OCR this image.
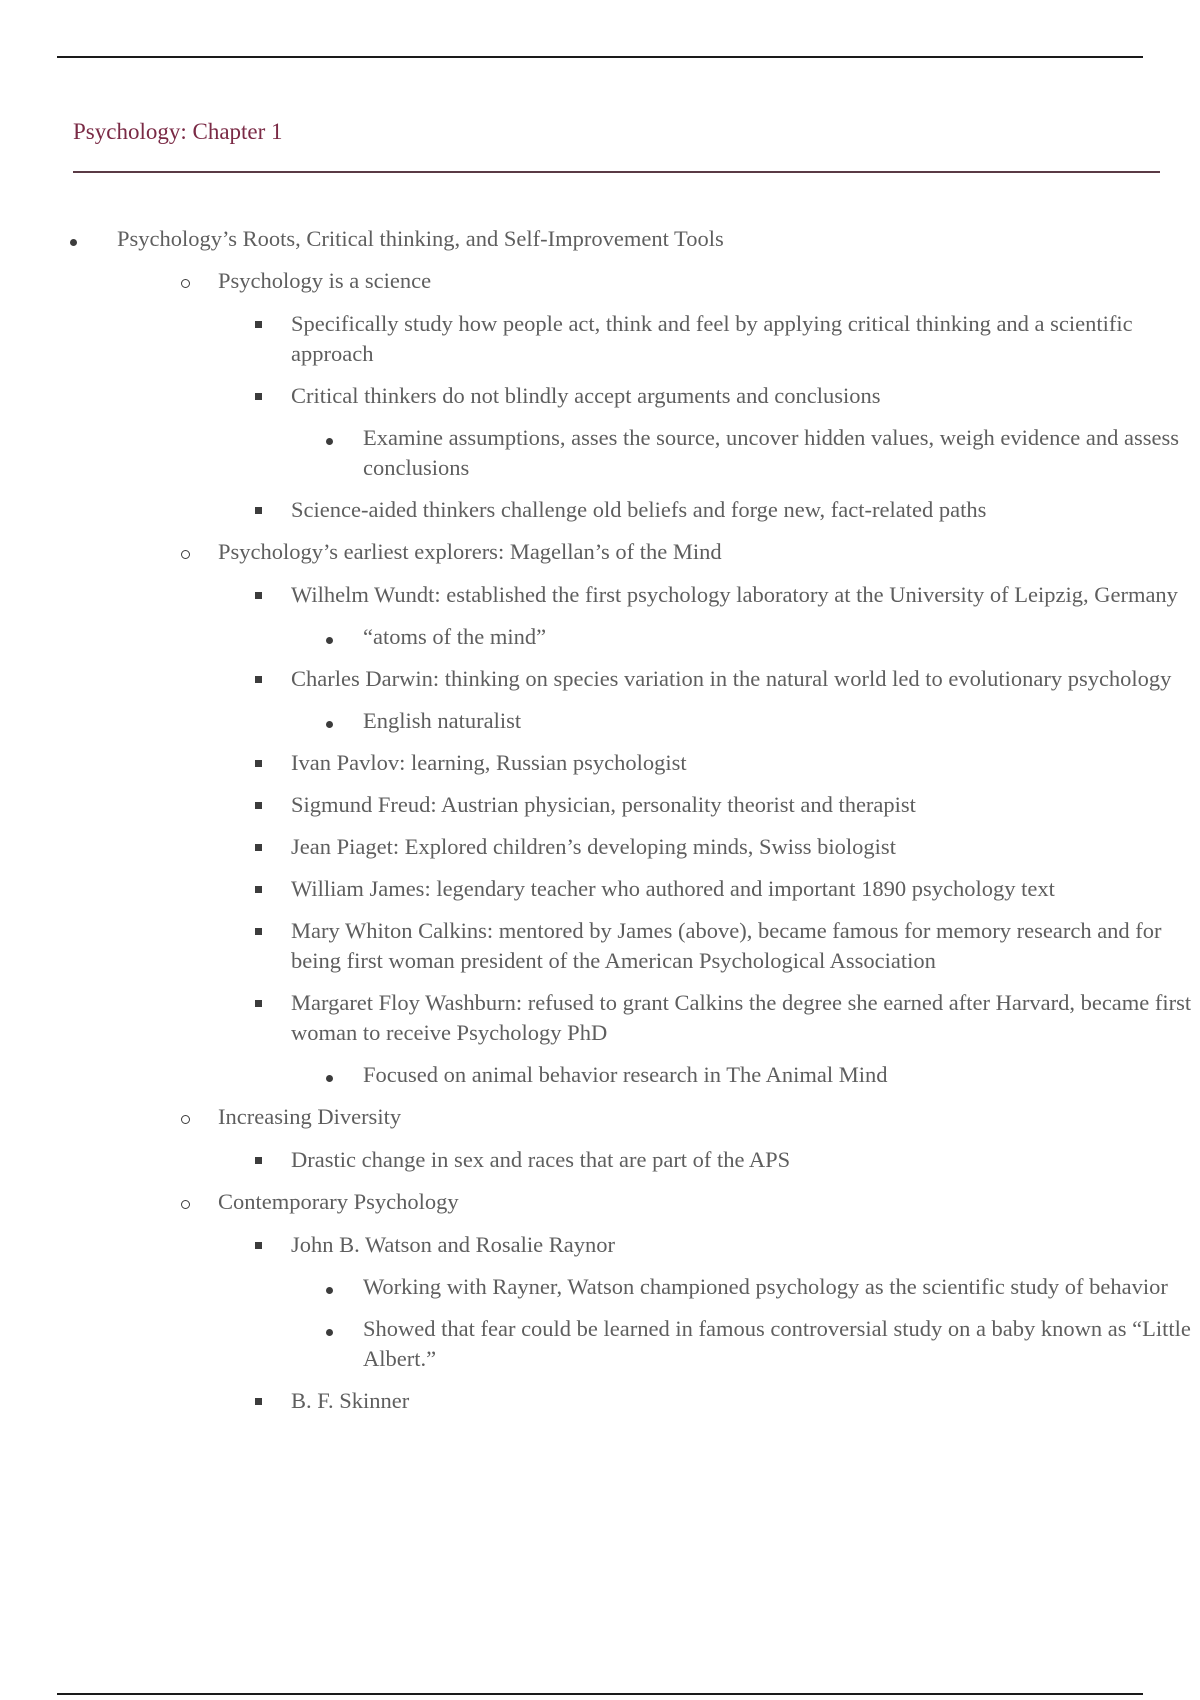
Psychology: Chapter 1
Psychology’s Roots, Critical thinking, and Self-Improvement Tools
Psychology is a science
Specifically study how people act, think and feel by applying critical thinking and a scientific approach
Critical thinkers do not blindly accept arguments and conclusions
Examine assumptions, asses the source, uncover hidden values, weigh evidence and assess conclusions
Science-aided thinkers challenge old beliefs and forge new, fact-related paths
Psychology’s earliest explorers: Magellan’s of the Mind
Wilhelm Wundt: established the first psychology laboratory at the University of Leipzig, Germany
“atoms of the mind”
Charles Darwin: thinking on species variation in the natural world led to evolutionary psychology
English naturalist
Ivan Pavlov: learning, Russian psychologist
Sigmund Freud: Austrian physician, personality theorist and therapist
Jean Piaget: Explored children’s developing minds, Swiss biologist
William James: legendary teacher who authored and important 1890 psychology text
Mary Whiton Calkins: mentored by James (above), became famous for memory research and for being first woman president of the American Psychological Association
Margaret Floy Washburn: refused to grant Calkins the degree she earned after Harvard, became first woman to receive Psychology PhD
Focused on animal behavior research in The Animal Mind
Increasing Diversity
Drastic change in sex and races that are part of the APS
Contemporary Psychology
John B. Watson and Rosalie Raynor
Working with Rayner, Watson championed psychology as the scientific study of behavior
Showed that fear could be learned in famous controversial study on a baby known as “Little Albert.”
B. F. Skinner
